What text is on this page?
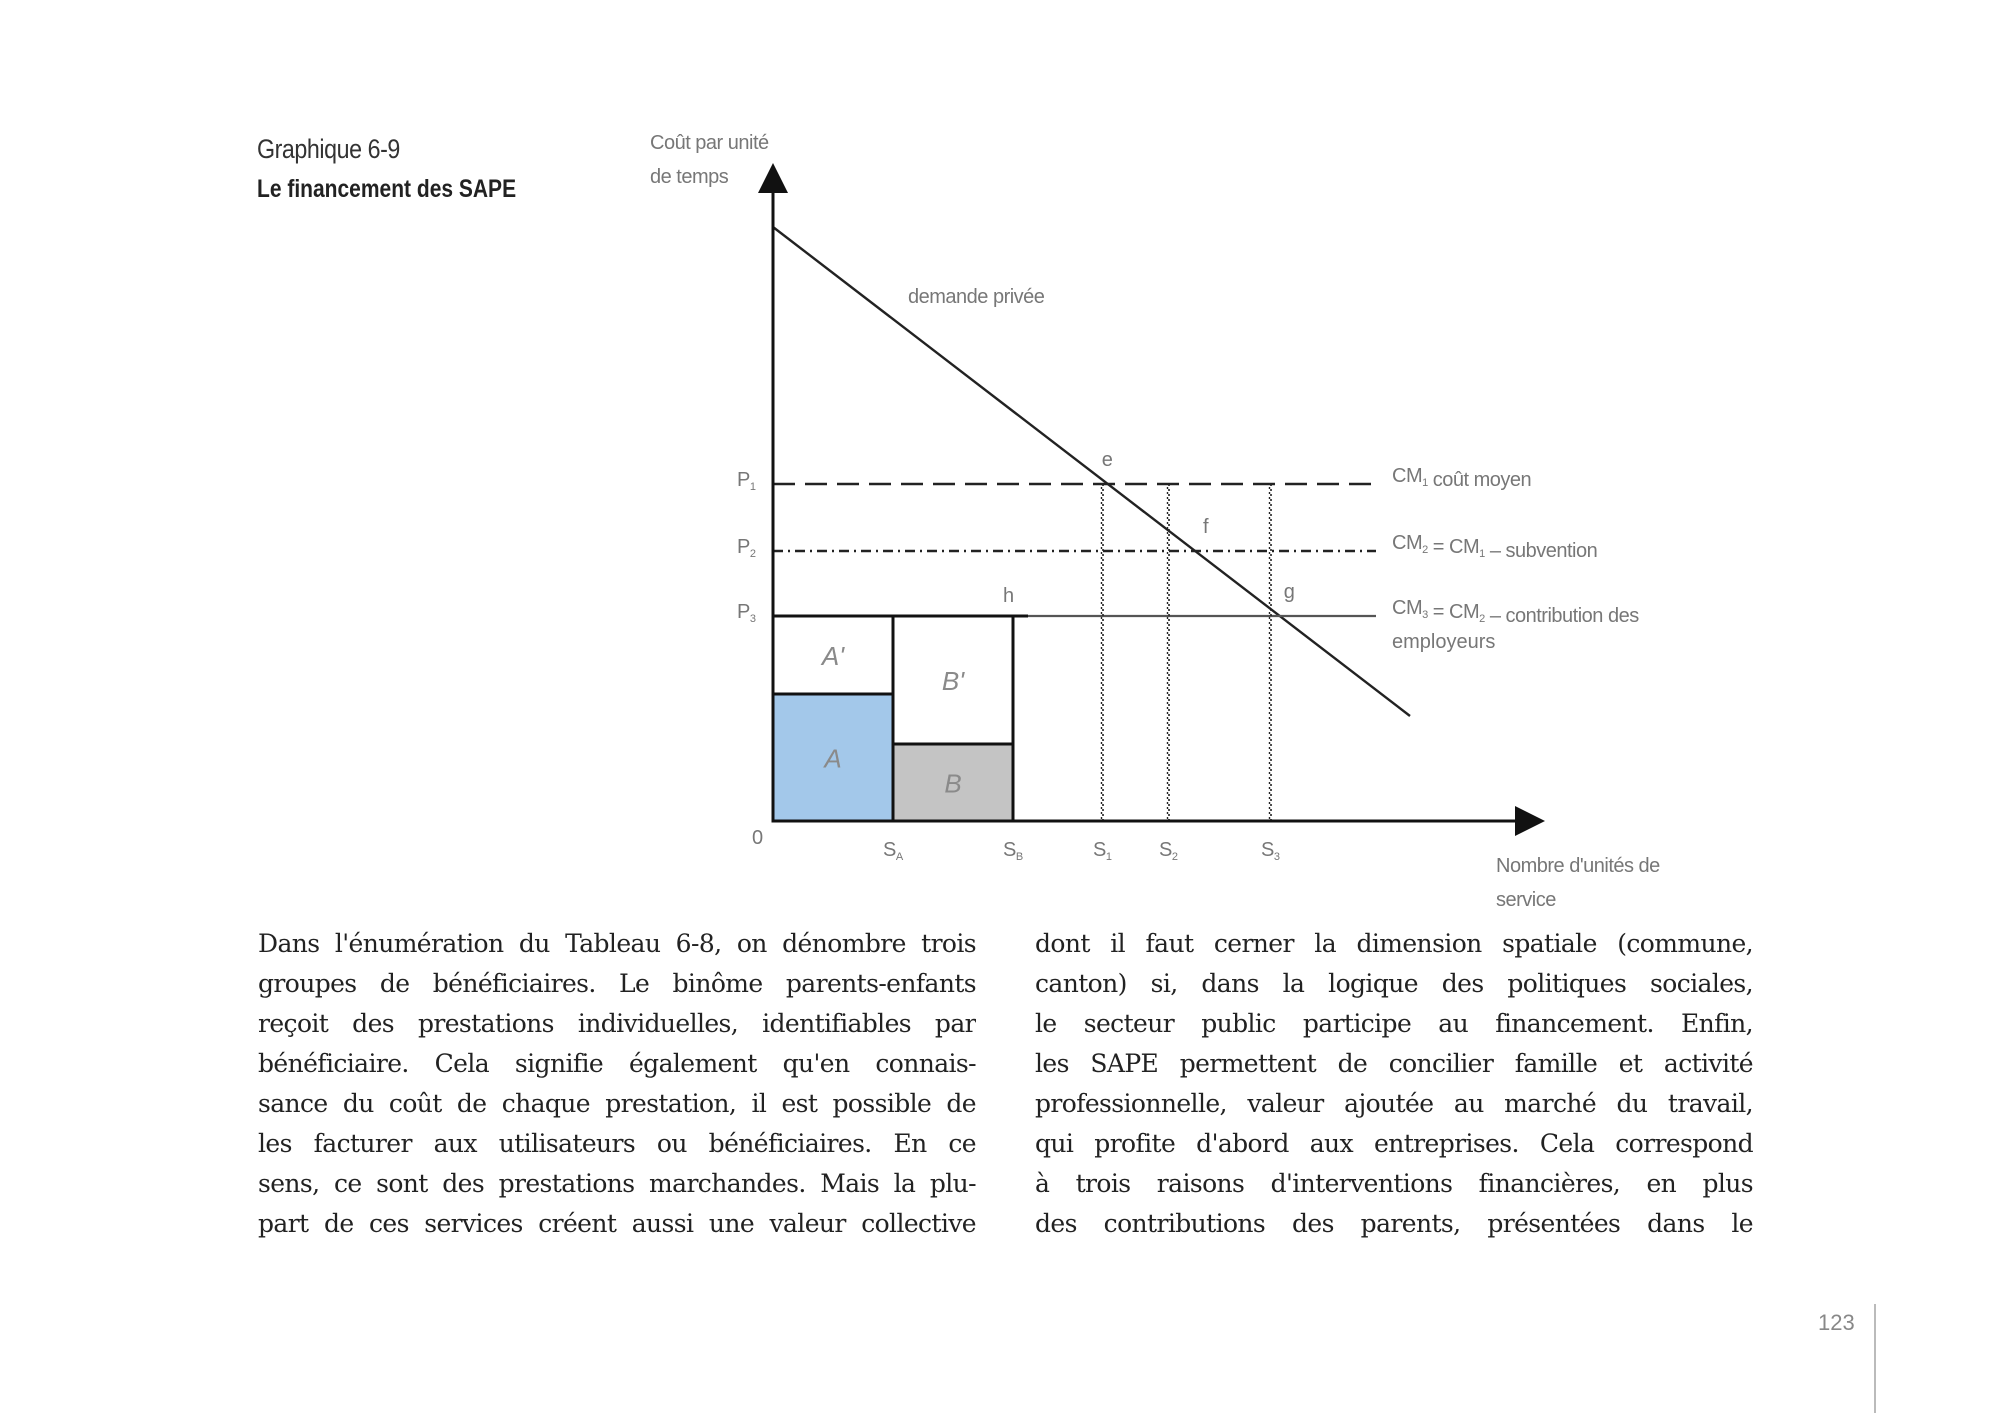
Graphique 6-9
Le financement des SAPE
A'
A
B'
B
$CM_1$ coût moyen
$CM_2 = CM_1$ – subvention
$CM_3 = CM_2$ – contribution des
employeurs
Coût par unité
de temps
Nombre d'unités de
service
0
demande privée
$P_1$
$P_2$
$P_3$
$S_A$	$S_B$	$S_1$ $S_2$	$S_3$
e
f
g
h
Dans l'énumération du Tableau 6-8, on dénombre trois
groupes de bénéficiaires. Le binôme parents-enfants
reçoit des prestations individuelles, identifiables par
bénéficiaire. Cela signifie également qu'en connais-
sance du coût de chaque prestation, il est possible de
les facturer aux utilisateurs ou bénéficiaires. En ce
sens, ce sont des prestations marchandes. Mais la plu-
part de ces services créent aussi une valeur collective
dont il faut cerner la dimension spatiale (commune,
canton) si, dans la logique des politiques sociales,
le secteur public participe au financement. Enfin,
les SAPE permettent de concilier famille et activité
professionnelle, valeur ajoutée au marché du travail,
qui profite d'abord aux entreprises. Cela correspond
à trois raisons d'interventions financières, en plus
des contributions des parents, présentées dans le
123
